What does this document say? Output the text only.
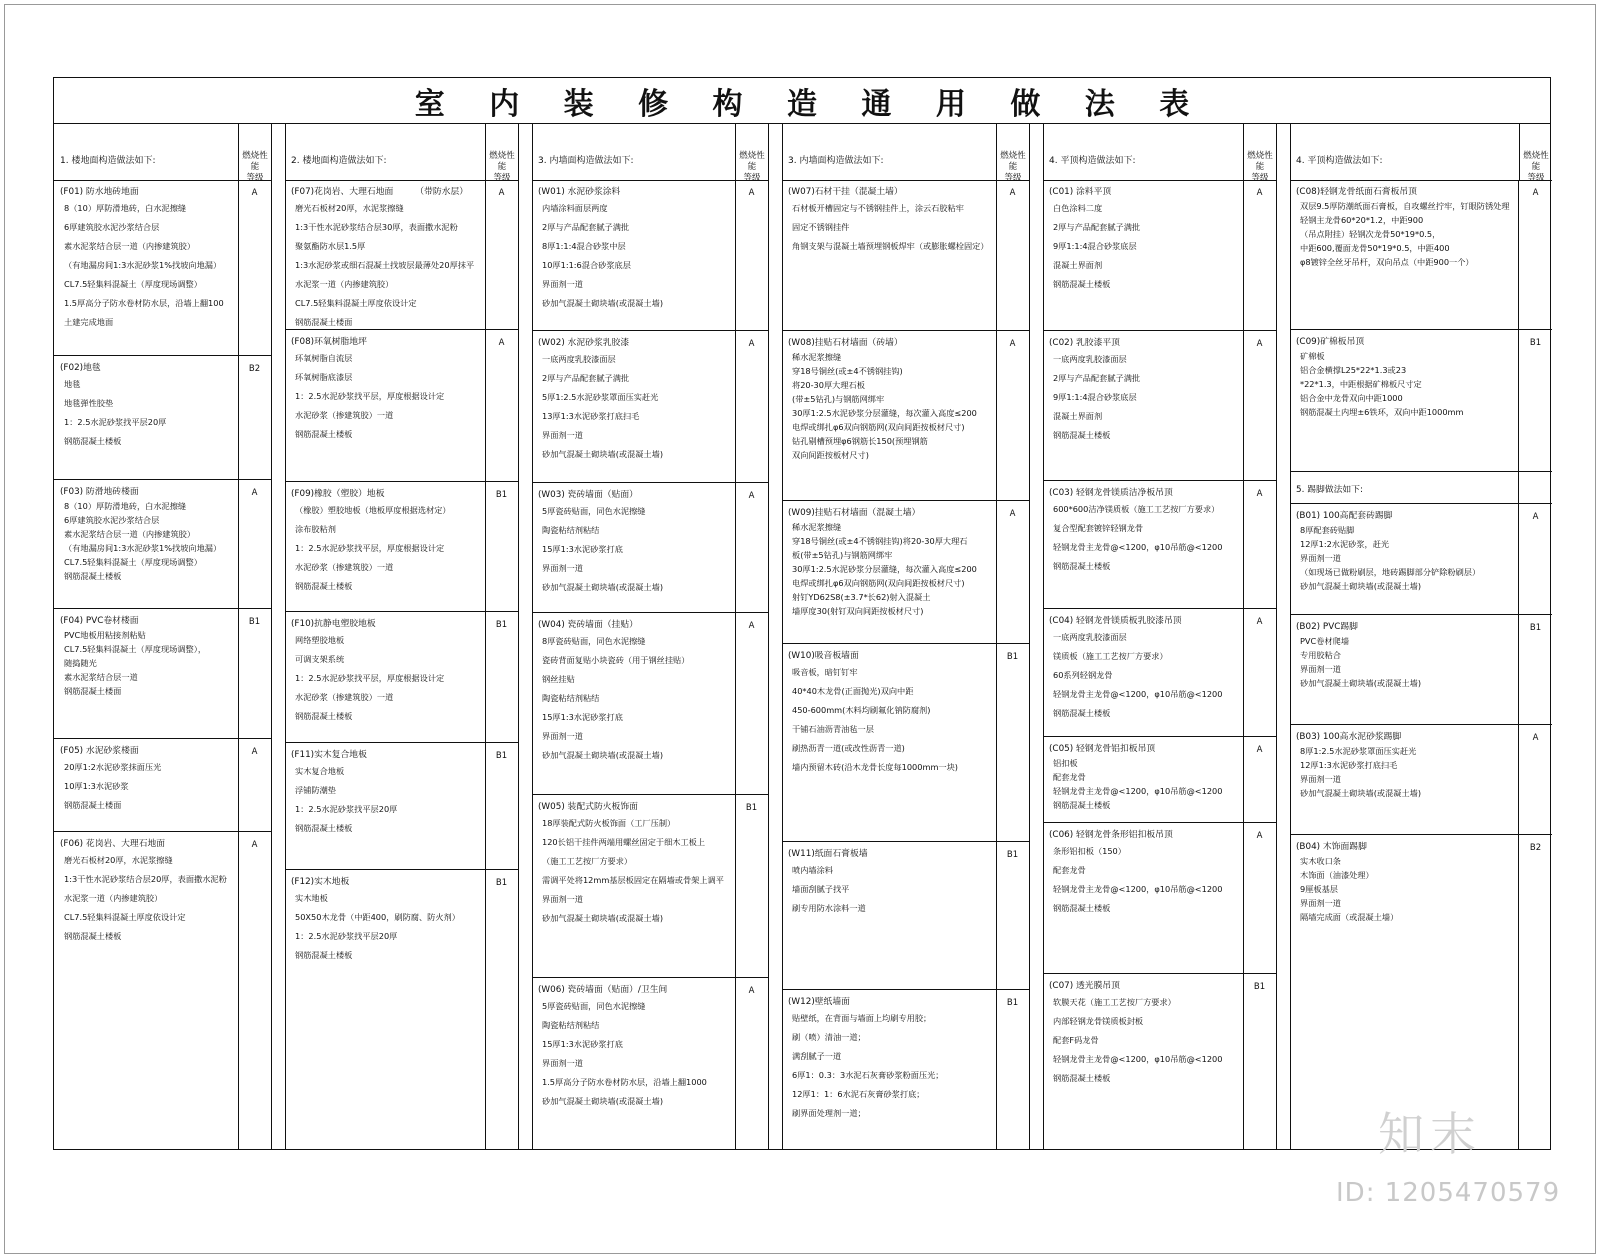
室 内 装 修 构 造 通 用 做 法 表
1. 楼地面构造做法如下:	燃烧性能
等级
(F01) 防水地砖地面
8（10）厚防滑地砖，白水泥擦缝
6厚建筑胶水泥沙浆结合层
素水泥浆结合层一道（内掺建筑胶）
（有地漏房间1:3水泥砂浆1%找坡向地漏）
CL7.5轻集料混凝土（厚度现场调整）
1.5厚高分子防水卷材防水层，沿墙上翻100
土建完成地面
A
(F02)地毯
地毯
地毯弹性胶垫
1：2.5水泥砂浆找平层20厚
钢筋混凝土楼板
B2
(F03) 防滑地砖楼面
8（10）厚防滑地砖，白水泥擦缝
6厚建筑胶水泥沙浆结合层
素水泥浆结合层一道（内掺建筑胶）
（有地漏房间1:3水泥砂浆1%找坡向地漏）
CL7.5轻集料混凝土（厚度现场调整）
钢筋混凝土楼板
A
(F04) PVC卷材楼面
PVC地板用粘接剂粘贴
CL7.5轻集料混凝土（厚度现场调整），
随捣随光
素水泥浆结合层一道
钢筋混凝土楼面
B1
(F05) 水泥砂浆楼面
20厚1:2水泥砂浆抹面压光
10厚1:3水泥砂浆
钢筋混凝土楼面
A
(F06) 花岗岩、大理石地面
磨光石板材20厚，水泥浆擦缝
1:3干性水泥砂浆结合层20厚，表面撒水泥粉
水泥浆一道（内掺建筑胶）
CL7.5轻集料混凝土厚度依设计定
钢筋混凝土楼板
A
2. 楼地面构造做法如下:	燃烧性能
等级
(F07)花岗岩、大理石地面　　　（带防水层）
磨光石板材20厚，水泥浆擦缝
1:3干性水泥砂浆结合层30厚，表面撒水泥粉
聚氨酯防水层1.5厚
1:3水泥砂浆或细石混凝土找坡层最薄处20厚抹平
水泥浆一道（内掺建筑胶）
CL7.5轻集料混凝土厚度依设计定
钢筋混凝土楼面
A
(F08)环氧树脂地坪
环氧树脂自流层
环氧树脂底漆层
1：2.5水泥砂浆找平层，厚度根据设计定
水泥砂浆（掺建筑胶）一道
钢筋混凝土楼板
A
(F09)橡胶（塑胶）地板
（橡胶）塑胶地板（地板厚度根据选材定）
涂布胶粘剂
1：2.5水泥砂浆找平层，厚度根据设计定
水泥砂浆（掺建筑胶）一道
钢筋混凝土楼板
B1
(F10)抗静电塑胶地板
网络塑胶地板
可调支架系统
1：2.5水泥砂浆找平层，厚度根据设计定
水泥砂浆（掺建筑胶）一道
钢筋混凝土楼板
B1
(F11)实木复合地板
实木复合地板
浮铺防潮垫
1：2.5水泥砂浆找平层20厚
钢筋混凝土楼板
B1
(F12)实木地板
实木地板
50X50木龙骨（中距400，刷防腐、防火剂）
1：2.5水泥砂浆找平层20厚
钢筋混凝土楼板
B1
3. 内墙面构造做法如下:	燃烧性能
等级
(W01) 水泥砂浆涂料
内墙涂料面层两度
2厚与产品配套腻子满批
8厚1:1:4混合砂浆中层
10厚1:1:6混合砂浆底层
界面剂一道
砂加气混凝土砌块墙(或混凝土墙)
A
(W02) 水泥砂浆乳胶漆
一底两度乳胶漆面层
2厚与产品配套腻子满批
5厚1:2.5水泥砂浆罩面压实赶光
13厚1:3水泥砂浆打底扫毛
界面剂一道
砂加气混凝土砌块墙(或混凝土墙)
A
(W03) 瓷砖墙面（贴面）
5厚瓷砖贴面，同色水泥擦缝
陶瓷粘结剂粘结
15厚1:3水泥砂浆打底
界面剂一道
砂加气混凝土砌块墙(或混凝土墙)
A
(W04) 瓷砖墙面（挂贴）
8厚瓷砖贴面，同色水泥擦缝
瓷砖背面复贴小块瓷砖（用于钢丝挂贴）
钢丝挂贴
陶瓷粘结剂粘结
15厚1:3水泥砂浆打底
界面剂一道
砂加气混凝土砌块墙(或混凝土墙)
A
(W05) 装配式防火板饰面
18厚装配式防火板饰面（工厂压制）
120长铝干挂件两端用螺丝固定于细木工板上
（施工工艺按厂方要求）
需调平处将12mm基层板固定在隔墙或骨架上调平
界面剂一道
砂加气混凝土砌块墙(或混凝土墙)
B1
(W06) 瓷砖墙面（贴面）/卫生间
5厚瓷砖贴面，同色水泥擦缝
陶瓷粘结剂粘结
15厚1:3水泥砂浆打底
界面剂一道
1.5厚高分子防水卷材防水层，沿墙上翻1000
砂加气混凝土砌块墙(或混凝土墙)
A
3. 内墙面构造做法如下:	燃烧性能
等级
(W07)石材干挂（混凝土墙）
石材板开槽固定与不锈钢挂件上，涂云石胶粘牢
固定不锈钢挂件
角钢支架与混凝土墙预埋钢板焊牢（或膨胀螺栓固定）
A
(W08)挂贴石材墙面（砖墙）
稀水泥浆擦缝
穿18号铜丝(或±4不锈钢挂钩)
将20-30厚大理石板
(带±5钻孔)与钢筋网绑牢
30厚1:2.5水泥砂浆分层灌缝，每次灌入高度≤200
电焊或绑扎φ6双向钢筋网(双向间距按板材尺寸)
钻孔剔槽预埋φ6钢筋长150(预埋钢筋
双向间距按板材尺寸)
A
(W09)挂贴石材墙面（混凝土墙）
稀水泥浆擦缝
穿18号铜丝(或±4不锈钢挂钩)将20-30厚大理石
板(带±5钻孔)与钢筋网绑牢
30厚1:2.5水泥砂浆分层灌缝，每次灌入高度≤200
电焊或绑扎φ6双向钢筋网(双向间距按板材尺寸)
射钉YD62S8(±3.7*长62)射入混凝土
墙厚度30(射钉双向间距按板材尺寸)
A
(W10)吸音板墙面
吸音板，暗钉钉牢
40*40木龙骨(正面抛光)双向中距
450-600mm(木料均刷氟化钠防腐剂)
干铺石油沥青油毡一层
刷热沥青一道(或改性沥青一道)
墙内预留木砖(沿木龙骨长度每1000mm一块)
B1
(W11)纸面石膏板墙
喷内墙涂料
墙面刮腻子找平
刷专用防水涂料一道
B1
(W12)壁纸墙面
贴壁纸，在背面与墙面上均刷专用胶；
刷（喷）清油一道；
满刮腻子一道
6厚1：0.3：3水泥石灰膏砂浆粉面压光；
12厚1：1：6水泥石灰膏砂浆打底；
刷界面处理剂一道；
B1
4. 平顶构造做法如下:	燃烧性能
等级
(C01) 涂料平顶
白色涂料二度
2厚与产品配套腻子满批
9厚1:1:4混合砂浆底层
混凝土界面剂
钢筋混凝土楼板
A
(C02) 乳胶漆平顶
一底两度乳胶漆面层
2厚与产品配套腻子满批
9厚1:1:4混合砂浆底层
混凝土界面剂
钢筋混凝土楼板
A
(C03) 轻钢龙骨镁质洁净板吊顶
600*600洁净镁质板（施工工艺按厂方要求）
复合型配套镀锌轻钢龙骨
轻钢龙骨主龙骨@<1200，φ10吊筋@<1200
钢筋混凝土楼板
A
(C04) 轻钢龙骨镁质板乳胶漆吊顶
一底两度乳胶漆面层
镁质板（施工工艺按厂方要求）
60系列轻钢龙骨
轻钢龙骨主龙骨@<1200，φ10吊筋@<1200
钢筋混凝土楼板
A
(C05) 轻钢龙骨铝扣板吊顶
铝扣板
配套龙骨
轻钢龙骨主龙骨@<1200，φ10吊筋@<1200
钢筋混凝土楼板
A
(C06) 轻钢龙骨条形铝扣板吊顶
条形铝扣板（150）
配套龙骨
轻钢龙骨主龙骨@<1200，φ10吊筋@<1200
钢筋混凝土楼板
A
(C07) 透光膜吊顶
软膜天花（施工工艺按厂方要求）
内部轻钢龙骨镁质板封板
配套F码龙骨
轻钢龙骨主龙骨@<1200，φ10吊筋@<1200
钢筋混凝土楼板
B1
4. 平顶构造做法如下:	燃烧性能
等级
(C08)轻钢龙骨纸面石膏板吊顶
双层9.5厚防潮纸面石膏板，自攻螺丝拧牢，钉眼防锈处理
轻钢主龙骨60*20*1.2，中距900
（吊点附挂）轻钢次龙骨50*19*0.5，
中距600,覆面龙骨50*19*0.5，中距400
φ8镀锌全丝牙吊杆，双向吊点（中距900一个）
A
(C09)矿棉板吊顶
矿棉板
铝合金横撑L25*22*1.3或23
*22*1.3，中距根据矿棉板尺寸定
铝合金中龙骨双向中距1000
钢筋混凝土内埋±6铁环，双向中距1000mm
B1
5. 踢脚做法如下:
(B01) 100高配套砖踢脚
8厚配套砖贴脚
12厚1:2水泥砂浆，赶光
界面剂一道
（如现场已做粉刷层，地砖踢脚部分铲除粉刷层）
砂加气混凝土砌块墙(或混凝土墙)
A
(B02) PVC踢脚
PVC卷材爬墙
专用胶粘合
界面剂一道
砂加气混凝土砌块墙(或混凝土墙)
B1
(B03) 100高水泥砂浆踢脚
8厚1:2.5水泥砂浆罩面压实赶光
12厚1:3水泥砂浆打底扫毛
界面剂一道
砂加气混凝土砌块墙(或混凝土墙)
A
(B04) 木饰面踢脚
实木收口条
木饰面（油漆处理）
9厘板基层
界面剂一道
隔墙完成面（或混凝土墙）
B2
知末
ID: 1205470579
